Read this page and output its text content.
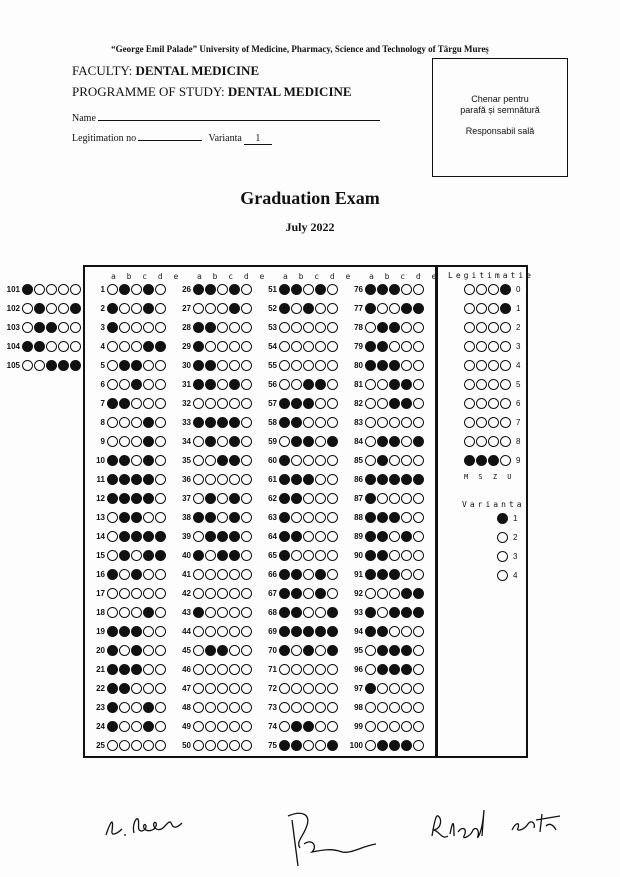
“George Emil Palade” University of Medicine, Pharmacy, Science and Technology of Târgu Mureș
FACULTY: DENTAL MEDICINE
PROGRAMME OF STUDY: DENTAL MEDICINE
Name
Legitimation no	Varianta 1
Chenar pentru
parafă și semnătură
Responsabil sală
Graduation Exam
July 2022
a b c d e a b c d e a b c d e a b c d e
1
2
3
4
5
6
7
8
9
10
11
12
13
14
15
16
17
18
19
20
21
22
23
24
25
26
27
28
29
30
31
32
33
34
35
36
37
38
39
40
41
42
43
44
45
46
47
48
49
50
51
52
53
54
55
56
57
58
59
60
61
62
63
64
65
66
67
68
69
70
71
72
73
74
75
76
77
78
79
80
81
82
83
84
85
86
87
88
89
90
91
92
93
94
95
96
97
98
99
100
101
102
103
104
105
Legitimatie
0
1
2
3
4
5
6
7
8
9
M S Z U
Varianta
1
2
3
4
